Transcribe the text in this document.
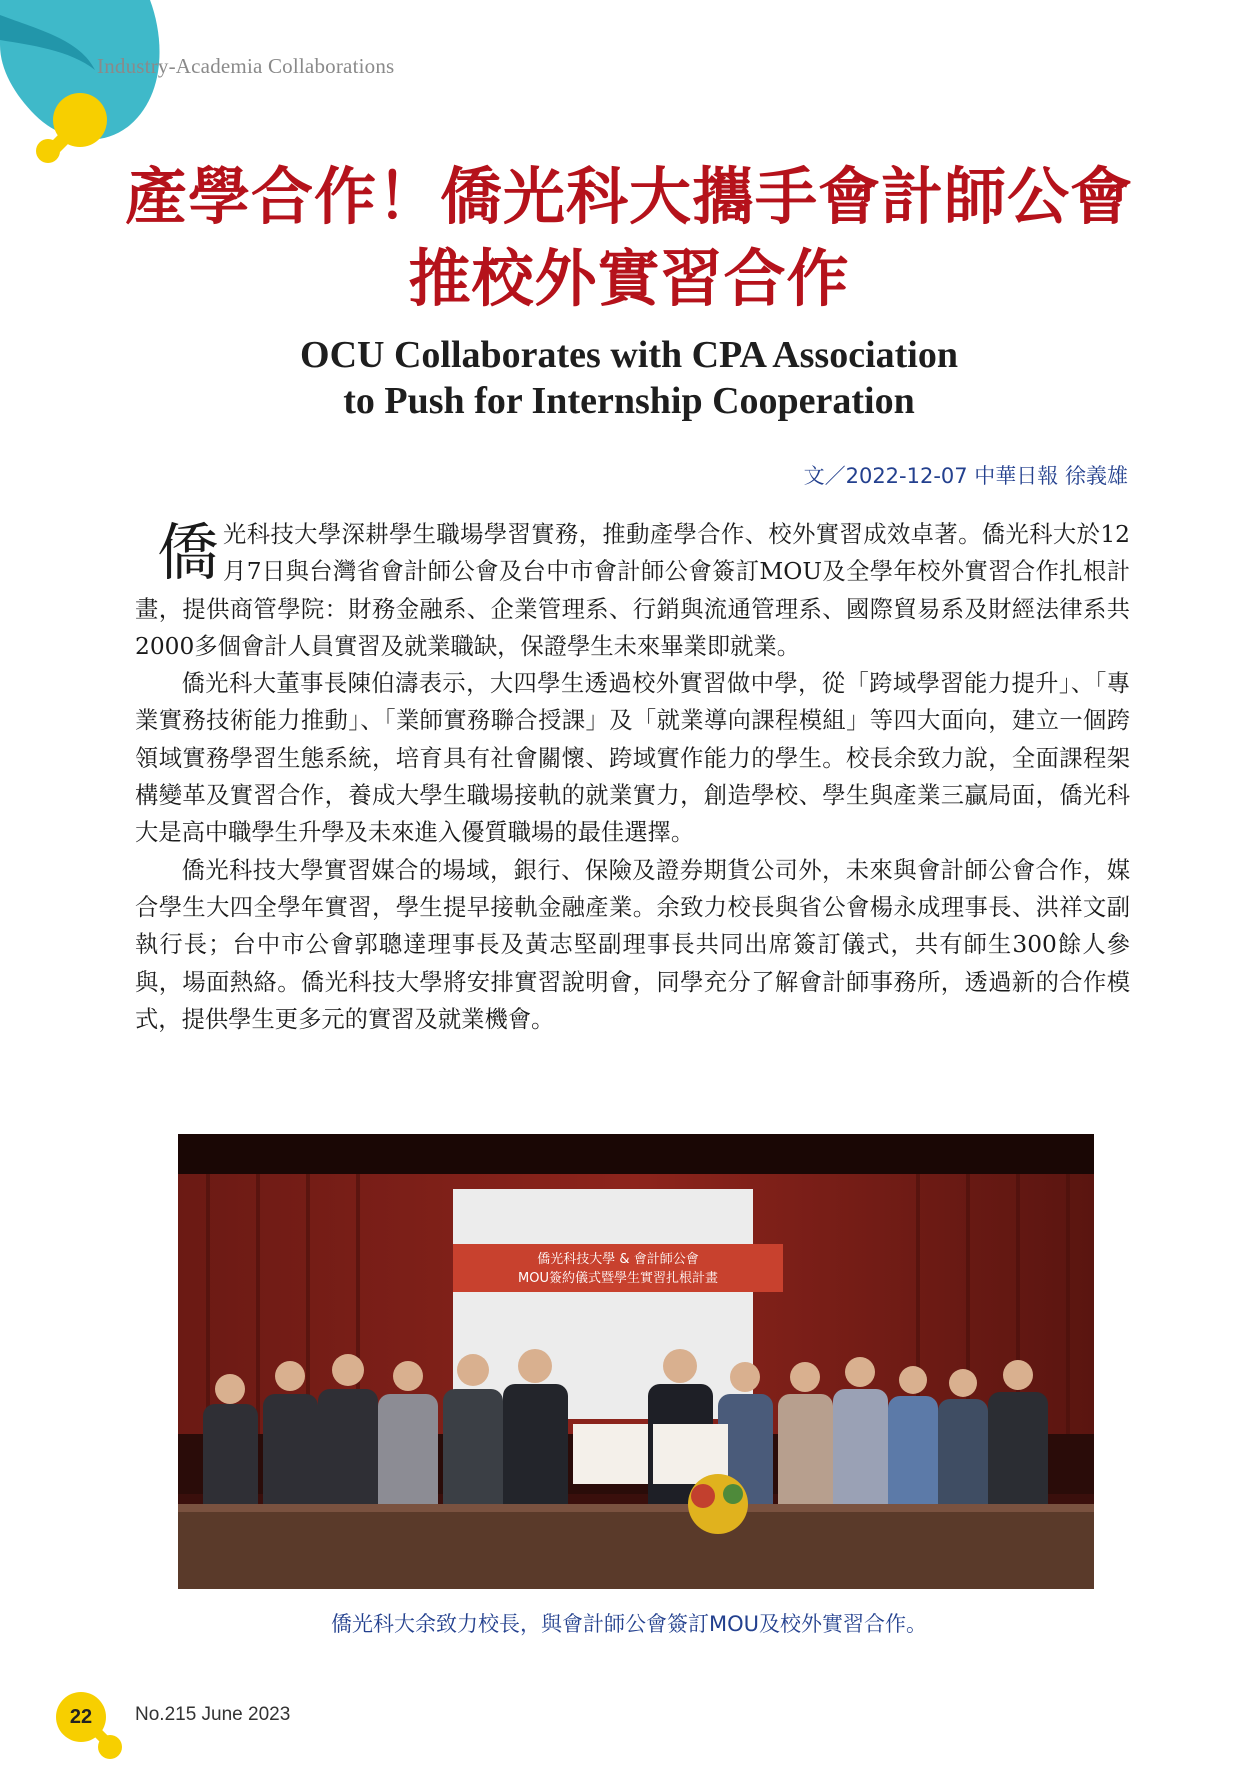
Industry-Academia Collaborations
產學合作！僑光科大攜手會計師公會
推校外實習合作
OCU Collaborates with CPA Association
to Push for Internship Cooperation
文／2022-12-07 中華日報 徐義雄

僑光科技大學深耕學生職場學習實務，推動產學合作、校外實習成效卓著。僑光科大於12月7日與台灣省會計師公會及台中市會計師公會簽訂MOU及全學年校外實習合作扎根計畫，提供商管學院：財務金融系、企業管理系、行銷與流通管理系、國際貿易系及財經法律系共2000多個會計人員實習及就業職缺，保證學生未來畢業即就業。

僑光科大董事長陳伯濤表示，大四學生透過校外實習做中學，從「跨域學習能力提升」、「專業實務技術能力推動」、「業師實務聯合授課」及「就業導向課程模組」等四大面向，建立一個跨領域實務學習生態系統，培育具有社會關懷、跨域實作能力的學生。校長余致力說，全面課程架構變革及實習合作，養成大學生職場接軌的就業實力，創造學校、學生與產業三贏局面，僑光科大是高中職學生升學及未來進入優質職場的最佳選擇。

僑光科技大學實習媒合的場域，銀行、保險及證券期貨公司外，未來與會計師公會合作，媒合學生大四全學年實習，學生提早接軌金融產業。余致力校長與省公會楊永成理事長、洪祥文副執行長；台中市公會郭聰達理事長及黃志堅副理事長共同出席簽訂儀式，共有師生300餘人參與，場面熱絡。僑光科技大學將安排實習說明會，同學充分了解會計師事務所，透過新的合作模式，提供學生更多元的實習及就業機會。

僑光科技大學 & 會計師公會
MOU簽約儀式暨學生實習扎根計畫
僑光科大余致力校長，與會計師公會簽訂MOU及校外實習合作。
22	No.215 June 2023
